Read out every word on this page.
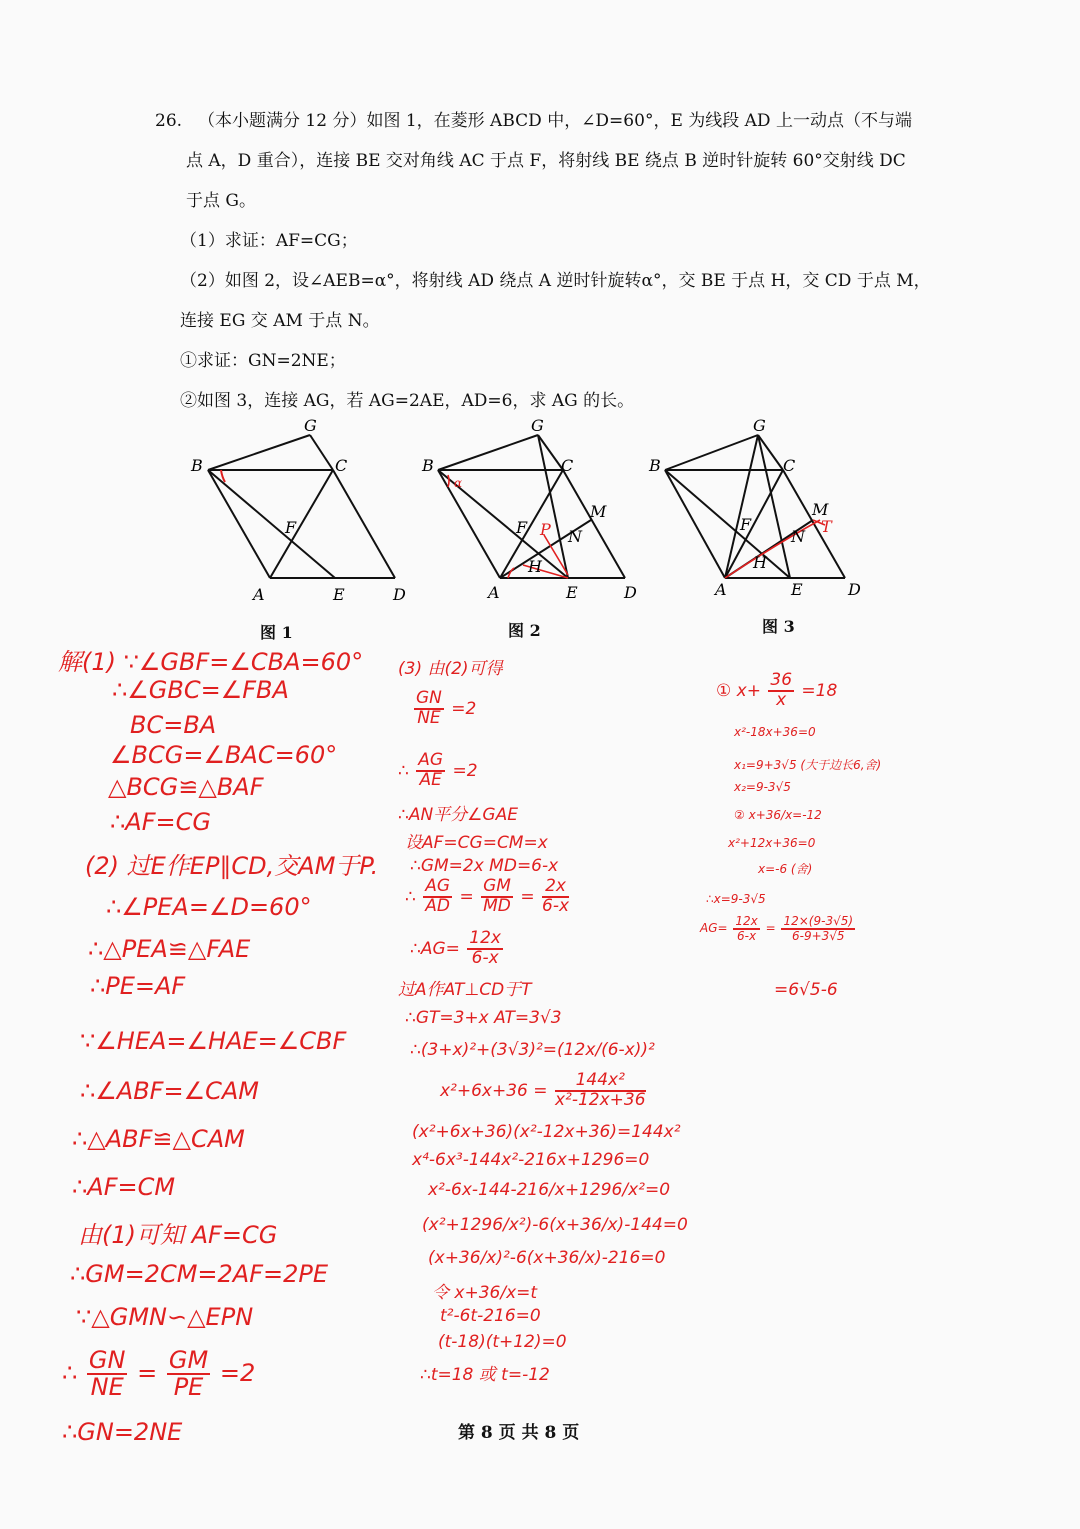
26. （本小题满分 12 分）如图 1，在菱形 ABCD 中，∠D=60°，E 为线段 AD 上一动点（不与端
点 A，D 重合），连接 BE 交对角线 AC 于点 F，将射线 BE 绕点 B 逆时针旋转 60°交射线 DC
于点 G。
（1）求证：AF=CG；
（2）如图 2，设∠AEB=α°，将射线 AD 绕点 A 逆时针旋转α°，交 BE 于点 H，交 CD 于点 M，
连接 EG 交 AM 于点 N。
①求证：GN=2NE；
②如图 3，连接 AG，若 AG=2AE，AD=6，求 AG 的长。
G
B	C
F
A	E	D
图 1
G
B	C
M
F	N
H
A	E	D
P
α
图 2
G
B	C
M
F
N
T
H
A	E	D
图 3
解(1) ∵∠GBF=∠CBA=60°
∴∠GBC=∠FBA
BC=BA
∠BCG=∠BAC=60°
△BCG≌△BAF
∴AF=CG
(2) 过E作EP∥CD,交AM于P.
∴∠PEA=∠D=60°
∴△PEA≌△FAE
∴PE=AF
∵∠HEA=∠HAE=∠CBF
∴∠ABF=∠CAM
∴△ABF≌△CAM
∴AF=CM
由(1)可知 AF=CG
∴GM=2CM=2AF=2PE
∵△GMN∽△EPN
∴ $\frac{GN}{NE} = \frac{GM}{PE} =2$
∴GN=2NE
(3) 由(2)可得
$\frac{GN}{NE} =2$
∴ $\frac{AG}{AE} =2$
∴AN平分∠GAE
设AF=CG=CM=x
∴GM=2x MD=6-x
∴ $\frac{AG}{AD} = \frac{GM}{MD} = \frac{2x}{6-x}$
∴AG= $\frac{12x}{6-x}$
过A作AT⊥CD于T
∴GT=3+x AT=3√3
∴(3+x)²+(3√3)²=(12x/(6-x))²
$x^2+6x+36 = \frac{\text{144x²}}{\text{x²-12x+36}}$
(x²+6x+36)(x²-12x+36)=144x²
x⁴-6x³-144x²-216x+1296=0
x²-6x-144-216/x+1296/x²=0
(x²+1296/x²)-6(x+36/x)-144=0
(x+36/x)²-6(x+36/x)-216=0
令 x+36/x=t
t²-6t-216=0
(t-18)(t+12)=0
∴t=18 或 t=-12
① $x+ \frac{36}{x} =18$
x²-18x+36=0
x₁=9+3√5 (大于边长6,舍)
x₂=9-3√5
② x+36/x=-12
x²+12x+36=0
x=-6 (舍)
∴x=9-3√5
$AG= \frac{12x}{6-x} = \frac{12\times(9-3√5)}{6-9+3√5}$
=6√5-6
第 8 页 共 8 页
